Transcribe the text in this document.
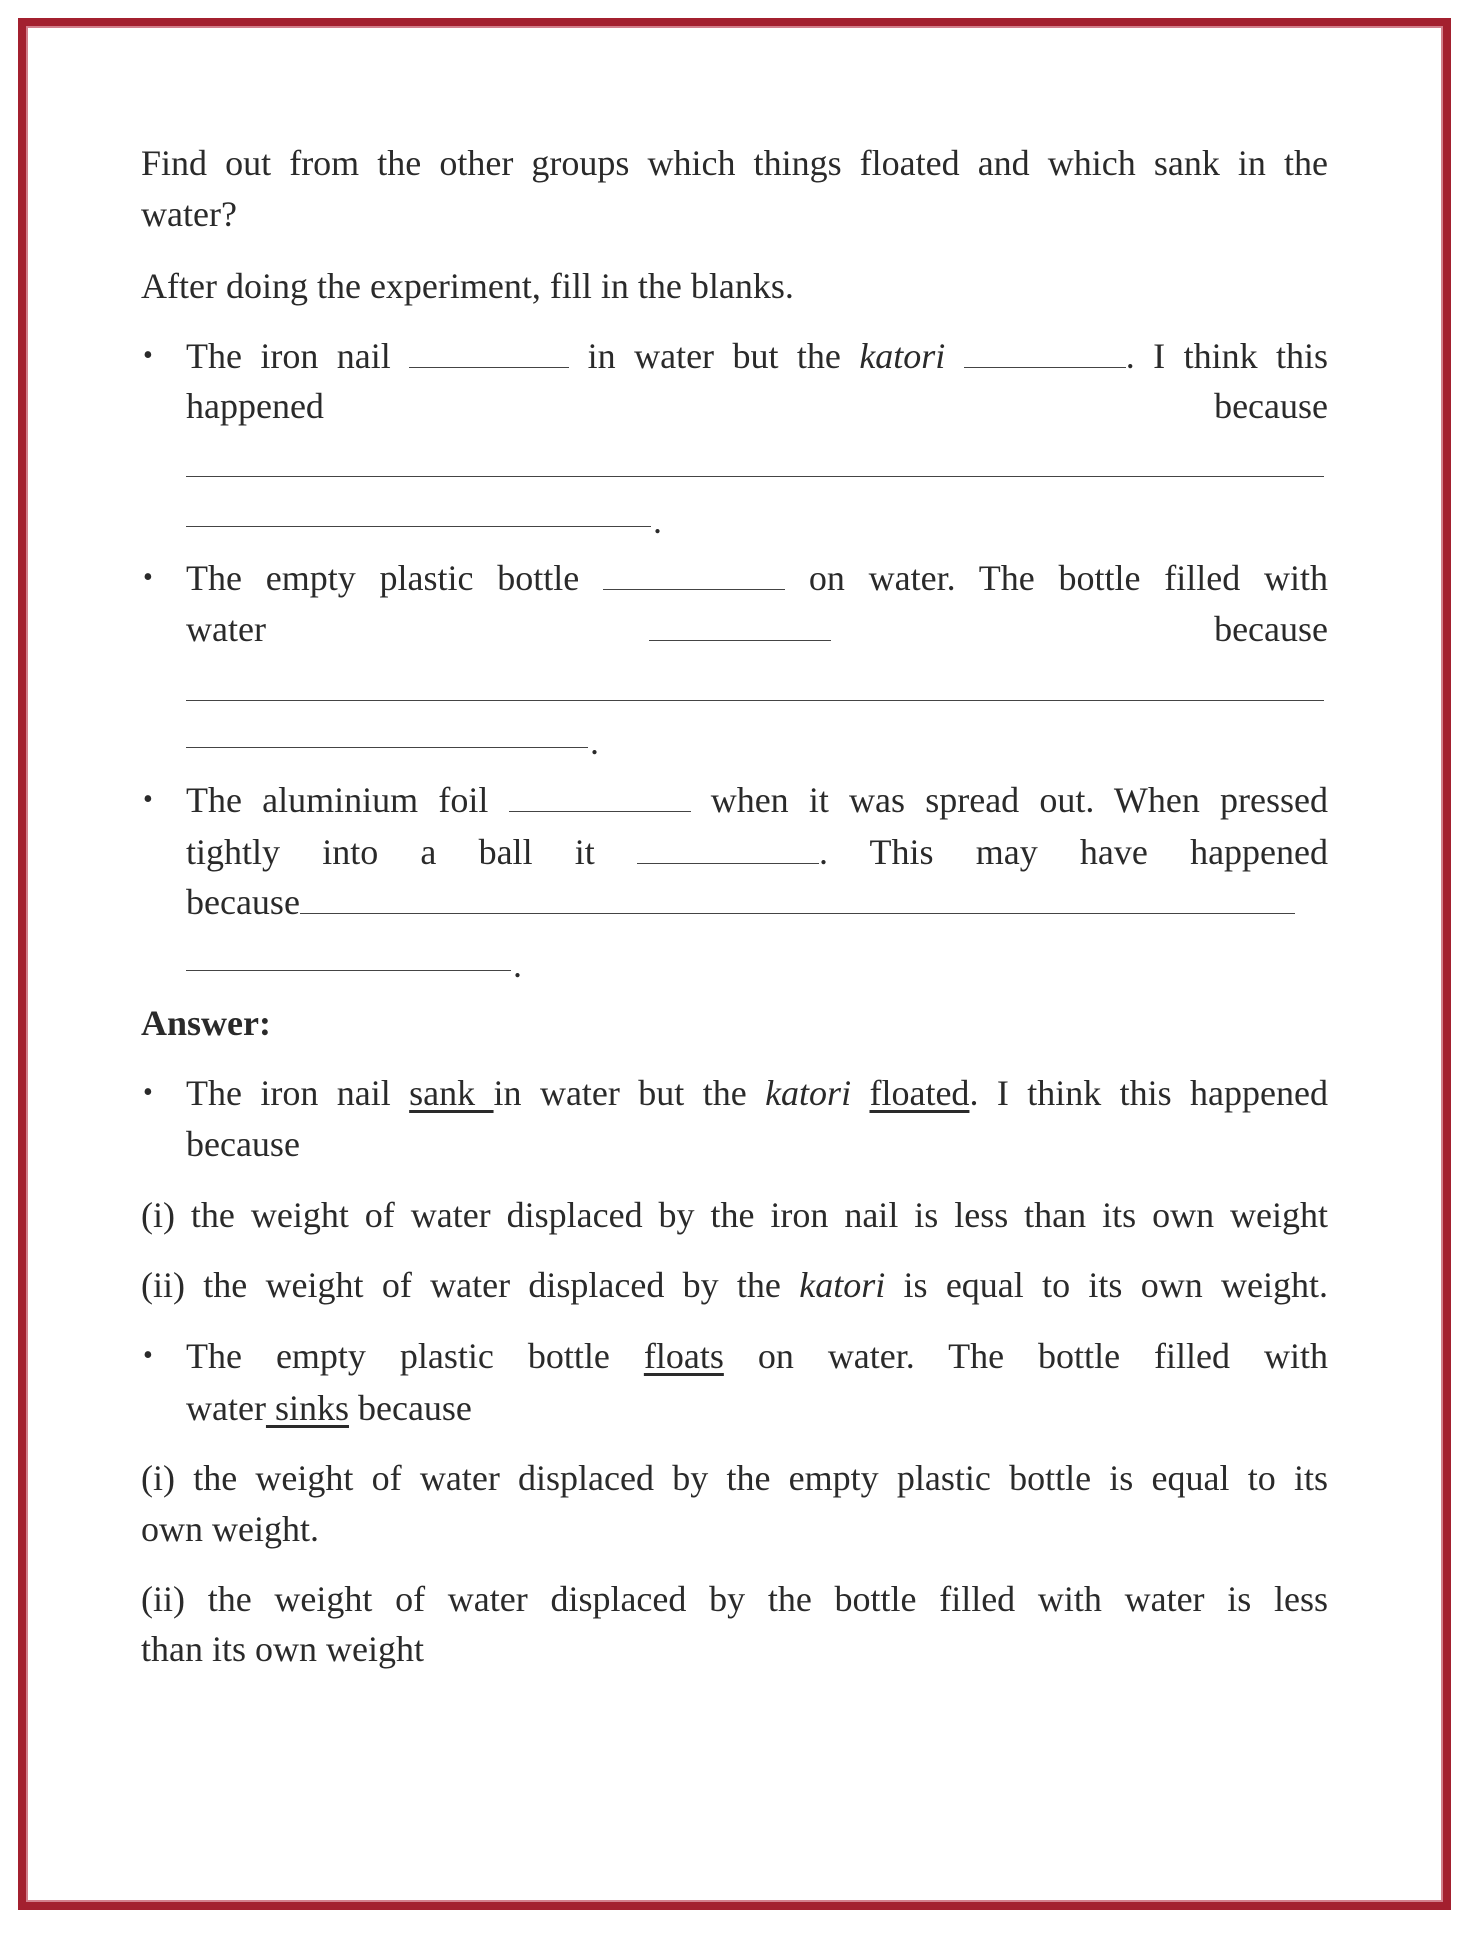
Find out from the other groups which things floated and which sank in the
water?
After doing the experiment, fill in the blanks.
• The iron nail	in water but the katori	. I think this
happened	because
.
• The empty plastic bottle	on water. The bottle filled with
water	because
.
• The aluminium foil	when it was spread out. When pressed
tightly into a ball it	. This may have happened
because
.
Answer:
• The iron nail sank in water but the katori floated. I think this happened
because
(i) the weight of water displaced by the iron nail is less than its own weight
(ii) the weight of water displaced by the katori is equal to its own weight.
• The empty plastic bottle floats on water. The bottle filled with
water sinks because
(i) the weight of water displaced by the empty plastic bottle is equal to its
own weight.
(ii) the weight of water displaced by the bottle filled with water is less
than its own weight
